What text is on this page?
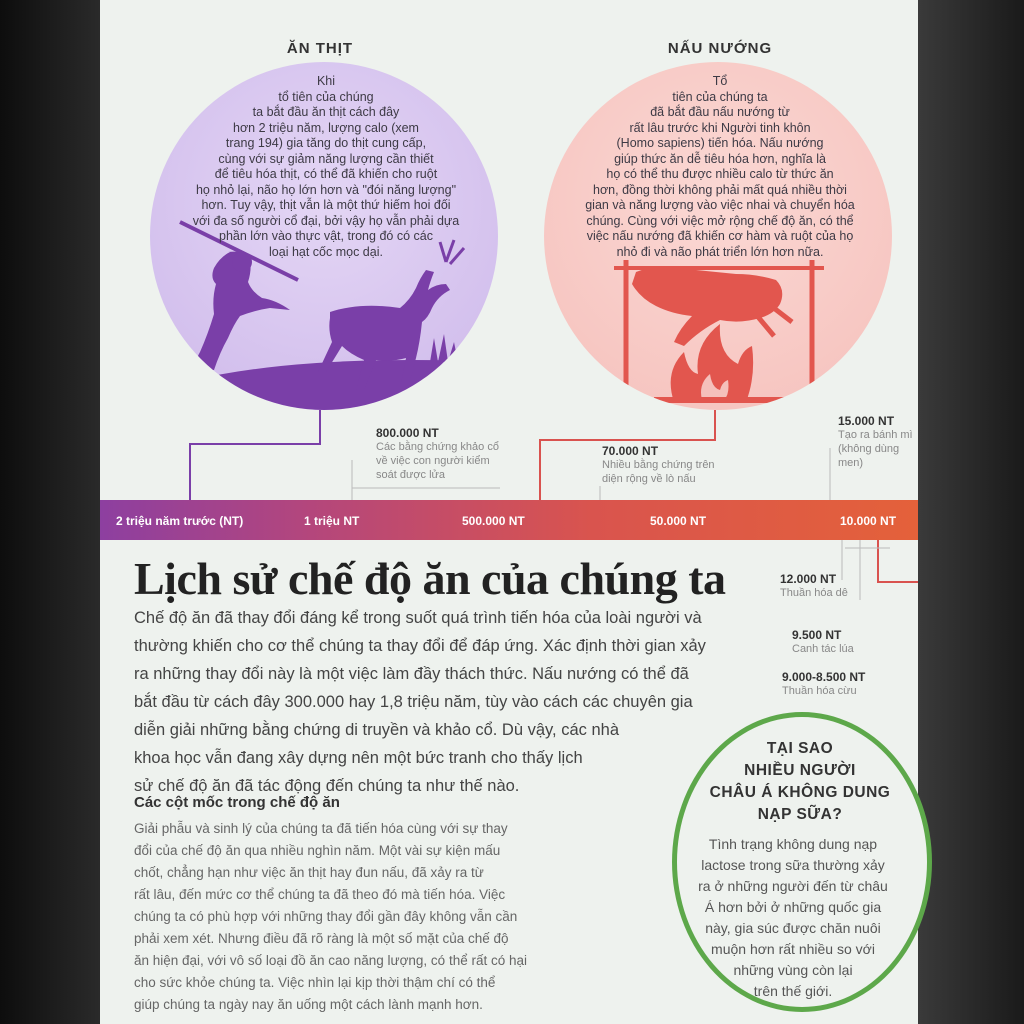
ĂN THỊT
Khi
tổ tiên của chúng
ta bắt đầu ăn thịt cách đây
hơn 2 triệu năm, lượng calo (xem
trang 194) gia tăng do thịt cung cấp,
cùng với sự giảm năng lượng cần thiết
để tiêu hóa thịt, có thể đã khiến cho ruột
họ nhỏ lại, não họ lớn hơn và "đói năng lượng"
hơn. Tuy vậy, thịt vẫn là một thứ hiếm hoi đối
với đa số người cổ đại, bởi vậy họ vẫn phải dựa
phần lớn vào thực vật, trong đó có các
loại hạt cốc mọc dại.
NẤU NƯỚNG
Tổ
tiên của chúng ta
đã bắt đầu nấu nướng từ
rất lâu trước khi Người tinh khôn
(Homo sapiens) tiến hóa. Nấu nướng
giúp thức ăn dễ tiêu hóa hơn, nghĩa là
họ có thể thu được nhiều calo từ thức ăn
hơn, đồng thời không phải mất quá nhiều thời
gian và năng lượng vào việc nhai và chuyển hóa
chúng. Cùng với việc mở rộng chế độ ăn, có thể
việc nấu nướng đã khiến cơ hàm và ruột của họ
nhỏ đi và não phát triển lớn hơn nữa.
800.000 NT
Các bằng chứng khảo cổ
về việc con người kiểm
soát được lửa
70.000 NT
Nhiều bằng chứng trên
diện rộng về lò nấu
15.000 NT
Tạo ra bánh mì
(không dùng
men)
2 triệu năm trước (NT)	1 triệu NT	500.000 NT	50.000 NT	10.000 NT
12.000 NT
Thuần hóa dê
9.500 NT
Canh tác lúa
9.000-8.500 NT
Thuần hóa cừu
Lịch sử chế độ ăn của chúng ta
Chế độ ăn đã thay đổi đáng kể trong suốt quá trình tiến hóa của loài người và
thường khiến cho cơ thể chúng ta thay đổi để đáp ứng. Xác định thời gian xảy
ra những thay đổi này là một việc làm đầy thách thức. Nấu nướng có thể đã
bắt đầu từ cách đây 300.000 hay 1,8 triệu năm, tùy vào cách các chuyên gia
diễn giải những bằng chứng di truyền và khảo cổ. Dù vậy, các nhà
khoa học vẫn đang xây dựng nên một bức tranh cho thấy lịch
sử chế độ ăn đã tác động đến chúng ta như thế nào.
Các cột mốc trong chế độ ăn
Giải phẫu và sinh lý của chúng ta đã tiến hóa cùng với sự thay
đổi của chế độ ăn qua nhiều nghìn năm. Một vài sự kiện mấu
chốt, chẳng hạn như việc ăn thịt hay đun nấu, đã xảy ra từ
rất lâu, đến mức cơ thể chúng ta đã theo đó mà tiến hóa. Việc
chúng ta có phù hợp với những thay đổi gần đây không vẫn cần
phải xem xét. Nhưng điều đã rõ ràng là một số mặt của chế độ
ăn hiện đại, với vô số loại đồ ăn cao năng lượng, có thể rất có hại
cho sức khỏe chúng ta. Việc nhìn lại kịp thời thậm chí có thể
giúp chúng ta ngày nay ăn uống một cách lành mạnh hơn.
TẠI SAO
NHIỀU NGƯỜI
CHÂU Á KHÔNG DUNG
NẠP SỮA?
Tình trạng không dung nạp
lactose trong sữa thường xảy
ra ở những người đến từ châu
Á hơn bởi ở những quốc gia
này, gia súc được chăn nuôi
muộn hơn rất nhiều so với
những vùng còn lại
trên thế giới.
